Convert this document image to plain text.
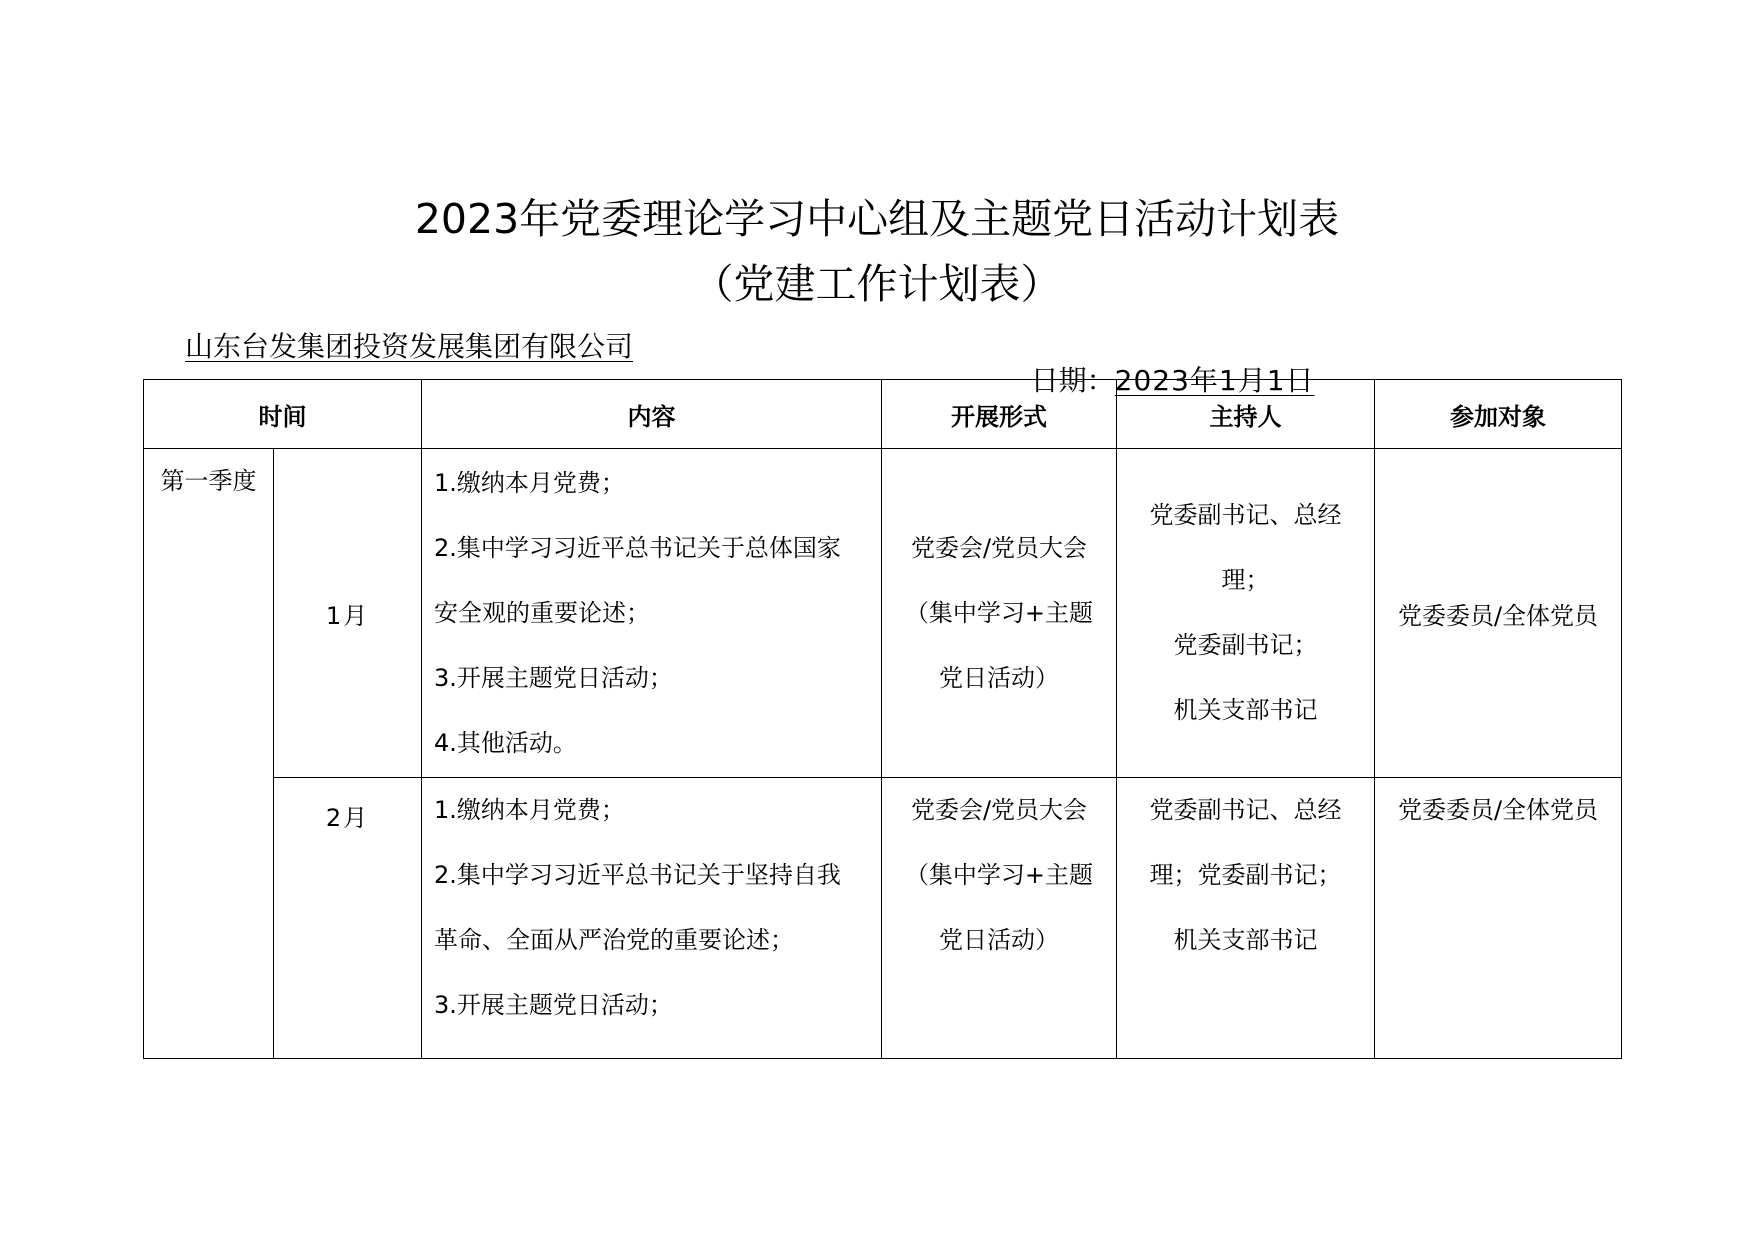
2023年党委理论学习中心组及主题党日活动计划表
（党建工作计划表）
山东台发集团投资发展集团有限公司

日期：2023年1月1日

时间		内容	开展形式	主持人	参加对象
第一季度	1月	1.缴纳本月党费；
2.集中学习习近平总书记关于总体国家
安全观的重要论述；
3.开展主题党日活动；
4.其他活动。	党委会/党员大会
（集中学习+主题
党日活动）	党委副书记、总经
理；
党委副书记；
机关支部书记	党委委员/全体党员
	2月	1.缴纳本月党费；
2.集中学习习近平总书记关于坚持自我
革命、全面从严治党的重要论述；
3.开展主题党日活动；	党委会/党员大会
（集中学习+主题
党日活动）	党委副书记、总经
理；党委副书记；
机关支部书记	党委委员/全体党员
